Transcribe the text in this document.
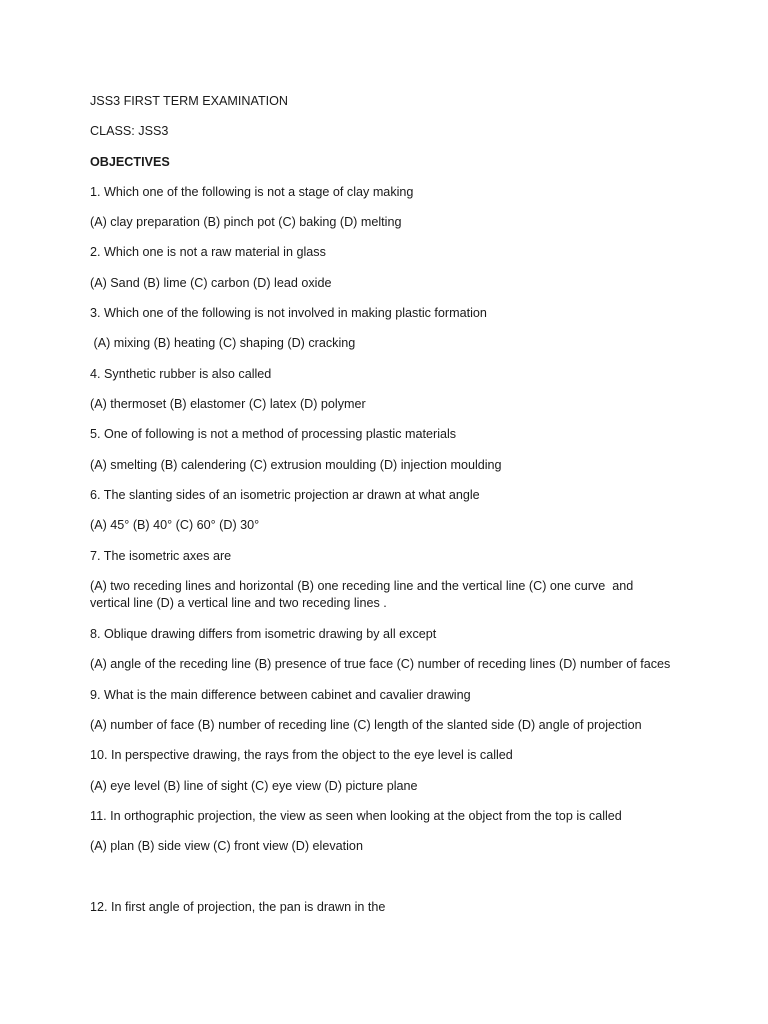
JSS3 FIRST TERM EXAMINATION
CLASS: JSS3
OBJECTIVES
1. Which one of the following is not a stage of clay making
(A) clay preparation (B) pinch pot (C) baking (D) melting
2. Which one is not a raw material in glass
(A) Sand (B) lime (C) carbon (D) lead oxide
3. Which one of the following is not involved in making plastic formation
(A) mixing (B) heating (C) shaping (D) cracking
4. Synthetic rubber is also called
(A) thermoset (B) elastomer (C) latex (D) polymer
5. One of following is not a method of processing plastic materials
(A) smelting (B) calendering (C) extrusion moulding (D) injection moulding
6. The slanting sides of an isometric projection ar drawn at what angle
(A) 45° (B) 40° (C) 60° (D) 30°
7. The isometric axes are
(A) two receding lines and horizontal (B) one receding line and the vertical line (C) one curve  and vertical line (D) a vertical line and two receding lines .
8. Oblique drawing differs from isometric drawing by all except
(A) angle of the receding line (B) presence of true face (C) number of receding lines (D) number of faces
9. What is the main difference between cabinet and cavalier drawing
(A) number of face (B) number of receding line (C) length of the slanted side (D) angle of projection
10. In perspective drawing, the rays from the object to the eye level is called
(A) eye level (B) line of sight (C) eye view (D) picture plane
11. In orthographic projection, the view as seen when looking at the object from the top is called
(A) plan (B) side view (C) front view (D) elevation
12. In first angle of projection, the pan is drawn in the
